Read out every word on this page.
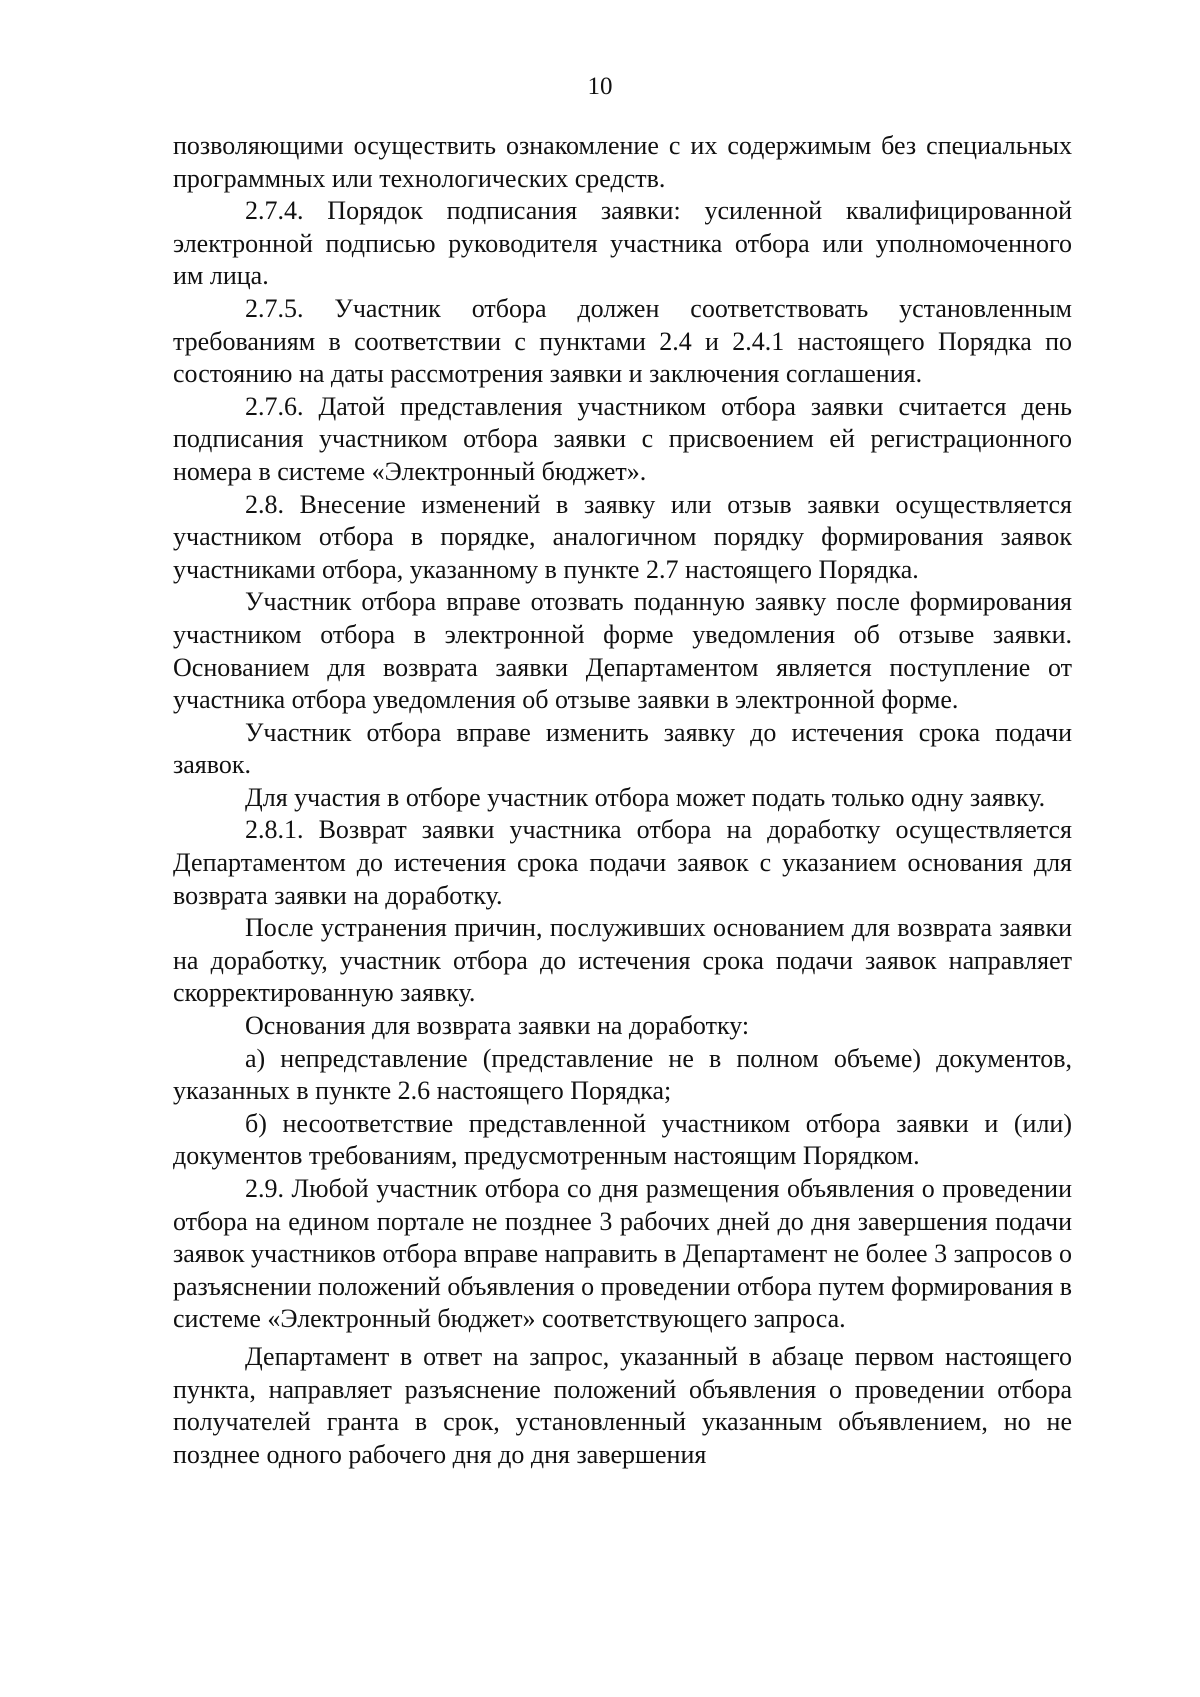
10

позволяющими осуществить ознакомление с их содержимым без специальных программных или технологических средств.

2.7.4. Порядок подписания заявки: усиленной квалифицированной электронной подписью руководителя участника отбора или уполномоченного им лица.

2.7.5. Участник отбора должен соответствовать установленным требованиям в соответствии с пунктами 2.4 и 2.4.1 настоящего Порядка по состоянию на даты рассмотрения заявки и заключения соглашения.

2.7.6. Датой представления участником отбора заявки считается день подписания участником отбора заявки с присвоением ей регистрационного номера в системе «Электронный бюджет».

2.8. Внесение изменений в заявку или отзыв заявки осуществляется участником отбора в порядке, аналогичном порядку формирования заявок участниками отбора, указанному в пункте 2.7 настоящего Порядка.

Участник отбора вправе отозвать поданную заявку после формирования участником отбора в электронной форме уведомления об отзыве заявки. Основанием для возврата заявки Департаментом является поступление от участника отбора уведомления об отзыве заявки в электронной форме.

Участник отбора вправе изменить заявку до истечения срока подачи заявок.

Для участия в отборе участник отбора может подать только одну заявку.

2.8.1. Возврат заявки участника отбора на доработку осуществляется Департаментом до истечения срока подачи заявок с указанием основания для возврата заявки на доработку.

После устранения причин, послуживших основанием для возврата заявки на доработку, участник отбора до истечения срока подачи заявок направляет скорректированную заявку.

Основания для возврата заявки на доработку:

а) непредставление (представление не в полном объеме) документов, указанных в пункте 2.6 настоящего Порядка;

б) несоответствие представленной участником отбора заявки и (или) документов требованиям, предусмотренным настоящим Порядком.

2.9. Любой участник отбора со дня размещения объявления о проведении отбора на едином портале не позднее 3 рабочих дней до дня завершения подачи заявок участников отбора вправе направить в Департамент не более 3 запросов о разъяснении положений объявления о проведении отбора путем формирования в системе «Электронный бюджет» соответствующего запроса.

Департамент в ответ на запрос, указанный в абзаце первом настоящего пункта, направляет разъяснение положений объявления о проведении отбора получателей гранта в срок, установленный указанным объявлением, но не позднее одного рабочего дня до дня завершения
